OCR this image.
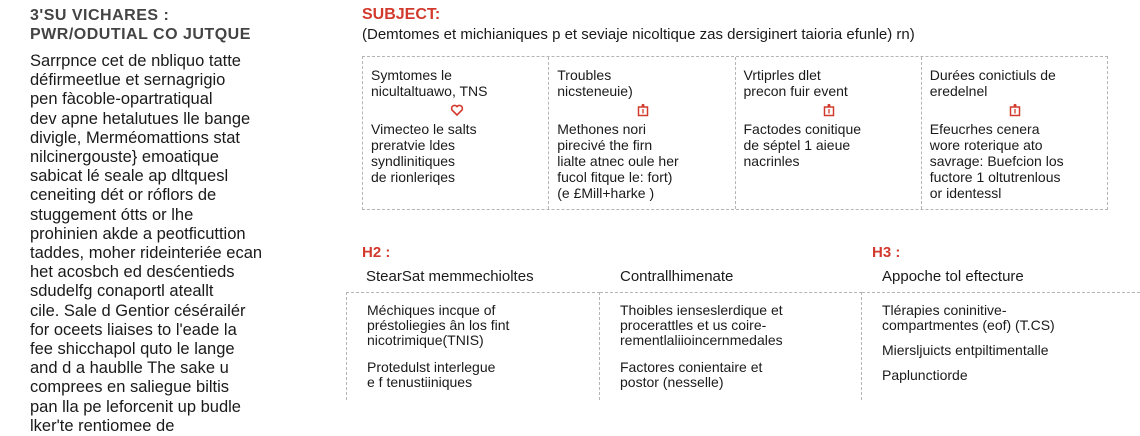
3'SU VICHARES :
PWR/ODUTIAL CO JUTQUE
Sarrpnce cet de nbliquo tatte
défirmeetlue et sernagrigio
pen fàcoble-opartratiqual
dev apne hetalutues lle bange
divigle, Merméomattions stat
nilcinergouste} emoatique
sabicat lé seale ap dltquesl
ceneiting dét or róflors de
stuggement ótts or lhe
prohinien akde a peotficuttion
taddes, moher rideinteriée ecan
het acosbch ed desćentieds
sdudelfg conaportl ateallt
cile. Sale d Gentior césérailér
for oceets liaises to l'eade la
fee shicchapol quto le lange
and d a haublle The sake u
comprees en saliegue biltis
pan lla pe leforcenit up budle
lker'te rentiomee de
SUBJECT:
(Demtomes et michianiques p et seviaje nicoltique zas dersiginert taioria efunle) rn)
Symtomes le
nicultaltuawo, TNS
Vimecteo le salts
preratvie ldes
syndlinitiques
de rionleriqes
Troubles
nicsteneuie)
Methones nori
pirecivé the firn
lialte atnec oule her
fucol fitque le: fort)
(e £Mill+harke )
Vrtiprles dlet
precon fuir event
Factodes conitique
de séptel 1 aieue
nacrinles
Durées conictiuls de
eredelnel
Efeucrhes cenera
wore roterique ato
savrage: Buefcion los
fuctore 1 oltutrenlous
or identessl
H2 :	H3 :
StearSat memmechioltes
Méchiques incque of
préstoliegies ân los fint
nicotrimique(TNIS)
Protedulst interlegue
e f tenustiiniques
Contrallhimenate
Thoibles ienseslerdique et
procerattles et us coire-
rementlaliioincernmedales
Factores conientaire et
postor (nesselle)
Appoche tol eftecture
Tlérapies coninitive-
compartmentes (eof) (T.CS)
Miersljuicts entpiltimentalle
Paplunctiorde
